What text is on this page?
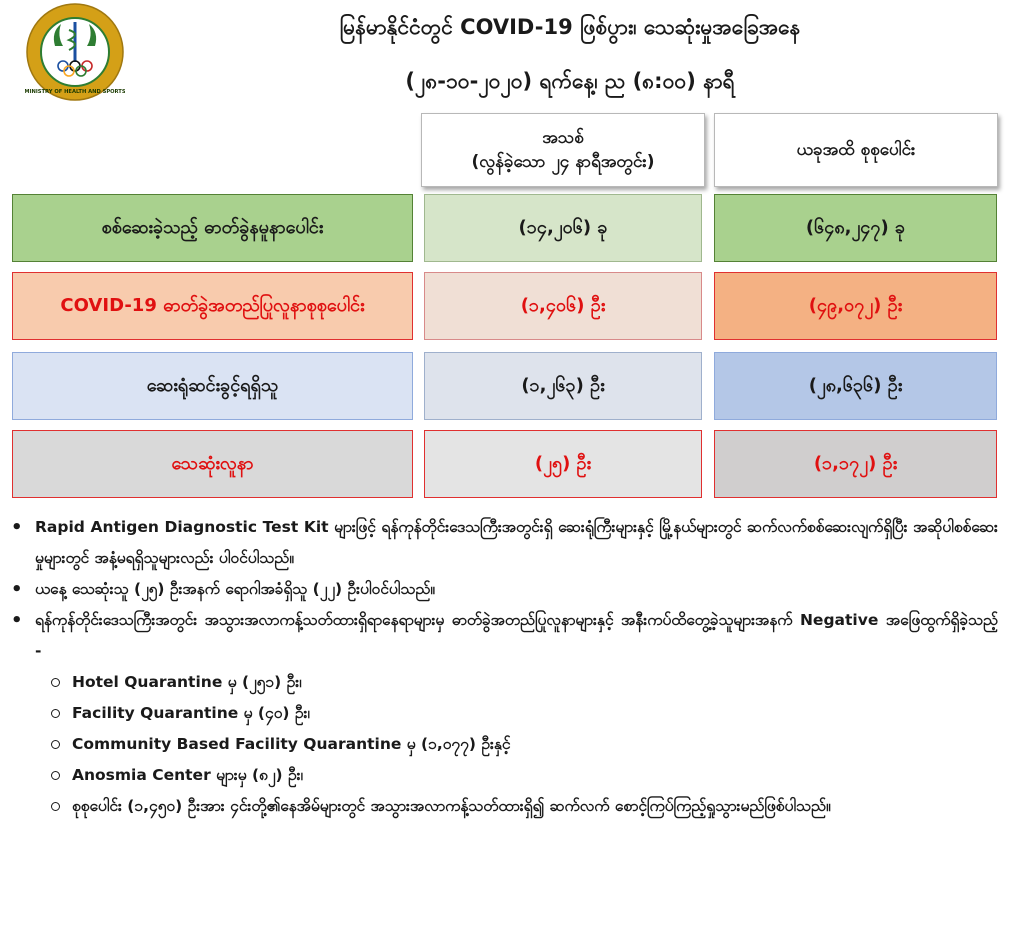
MINISTRY OF HEALTH AND SPORTS
မြန်မာနိုင်ငံတွင် COVID-19 ဖြစ်ပွား၊ သေဆုံးမှုအခြေအနေ
(၂၈-၁၀-၂၀၂၀) ရက်နေ့၊ ည (၈:၀၀) နာရီ
အသစ်
(လွန်ခဲ့သော ၂၄ နာရီအတွင်း)
ယခုအထိ စုစုပေါင်း
စစ်ဆေးခဲ့သည့် ဓာတ်ခွဲနမူနာပေါင်း	(၁၄,၂၀၆) ခု	(၆၄၈,၂၄၇) ခု
COVID-19 ဓာတ်ခွဲအတည်ပြုလူနာစုစုပေါင်း	(၁,၄၀၆) ဦး	(၄၉,၀၇၂) ဦး
ဆေးရုံဆင်းခွင့်ရရှိသူ	(၁,၂၆၃) ဦး	(၂၈,၆၃၆) ဦး
သေဆုံးလူနာ	(၂၅) ဦး	(၁,၁၇၂) ဦး
• Rapid Antigen Diagnostic Test Kit များဖြင့် ရန်ကုန်တိုင်းဒေသကြီးအတွင်းရှိ ဆေးရုံကြီးများနှင့် မြို့နယ်များတွင် ဆက်လက်စစ်ဆေးလျက်ရှိပြီး အဆိုပါစစ်ဆေးမှုများတွင် အနံ့မရရှိသူများလည်း ပါဝင်ပါသည်။
• ယနေ့ သေဆုံးသူ (၂၅) ဦးအနက် ရောဂါအခံရှိသူ (၂၂) ဦးပါဝင်ပါသည်။
• ရန်ကုန်တိုင်းဒေသကြီးအတွင်း အသွားအလာကန့်သတ်ထားရှိရာနေရာများမှ ဓာတ်ခွဲအတည်ပြုလူနာများနှင့် အနီးကပ်ထိတွေ့ခဲ့သူများအနက် Negative အဖြေထွက်ရှိခဲ့သည့် -
Hotel Quarantine မှ (၂၅၁) ဦး၊
Facility Quarantine မှ (၄၀) ဦး၊
Community Based Facility Quarantine မှ (၁,၀၇၇) ဦးနှင့်
Anosmia Center များမှ (၈၂) ဦး၊
စုစုပေါင်း (၁,၄၅၀) ဦးအား ၄င်းတို့၏နေအိမ်များတွင် အသွားအလာကန့်သတ်ထားရှိ၍ ဆက်လက် စောင့်ကြပ်ကြည့်ရှုသွားမည်ဖြစ်ပါသည်။
